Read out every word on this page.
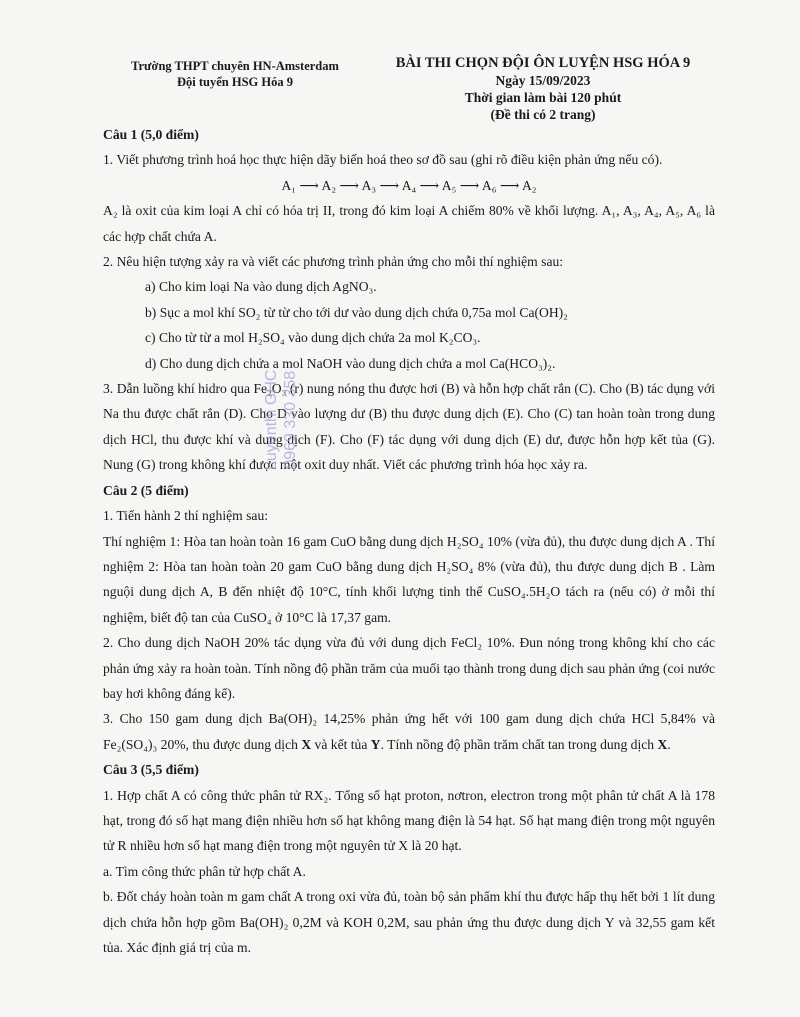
Trường THPT chuyên HN-Amsterdam
Đội tuyển HSG Hóa 9
BÀI THI CHỌN ĐỘI ÔN LUYỆN HSG HÓA 9
Ngày 15/09/2023
Thời gian làm bài 120 phút
(Đề thi có 2 trang)

Câu 1 (5,0 điểm)

1. Viết phương trình hoá học thực hiện dãy biến hoá theo sơ đồ sau (ghi rõ điều kiện phản ứng nếu có).

A₁ ⟶ A₂ ⟶ A₃ ⟶ A₄ ⟶ A₅ ⟶ A₆ ⟶ A₂

A₂ là oxit của kim loại A chỉ có hóa trị II, trong đó kim loại A chiếm 80% về khối lượng. A₁, A₃, A₄, A₅, A₆ là các hợp chất chứa A.

2. Nêu hiện tượng xảy ra và viết các phương trình phản ứng cho mỗi thí nghiệm sau:

a) Cho kim loại Na vào dung dịch AgNO₃.

b) Sục a mol khí SO₂ từ từ cho tới dư vào dung dịch chứa 0,75a mol Ca(OH)₂

c) Cho từ từ a mol H₂SO₄ vào dung dịch chứa 2a mol K₂CO₃.

d) Cho dung dịch chứa a mol NaOH vào dung dịch chứa a mol Ca(HCO₃)₂.

3. Dẫn luồng khí hidro qua Fe₂O₃ (r) nung nóng thu được hơi (B) và hỗn hợp chất rắn (C). Cho (B) tác dụng với Na thu được chất rắn (D). Cho D vào lượng dư (B) thu được dung dịch (E). Cho (C) tan hoàn toàn trong dung dịch HCl, thu được khí và dung dịch (F). Cho (F) tác dụng với dung dịch (E) dư, được hỗn hợp kết tủa (G). Nung (G) trong không khí được một oxit duy nhất. Viết các phương trình hóa học xảy ra.

Câu 2 (5 điểm)

1. Tiến hành 2 thí nghiệm sau:

Thí nghiệm 1: Hòa tan hoàn toàn 16 gam CuO bằng dung dịch H₂SO₄ 10% (vừa đủ), thu được dung dịch A . Thí nghiệm 2: Hòa tan hoàn toàn 20 gam CuO bằng dung dịch H₂SO₄ 8% (vừa đủ), thu được dung dịch B . Làm nguội dung dịch A, B đến nhiệt độ 10°C, tính khối lượng tinh thể CuSO₄.5H₂O tách ra (nếu có) ở mỗi thí nghiệm, biết độ tan của CuSO₄ ở 10°C là 17,37 gam.

2. Cho dung dịch NaOH 20% tác dụng vừa đủ với dung dịch FeCl₂ 10%. Đun nóng trong không khí cho các phản ứng xảy ra hoàn toàn. Tính nồng độ phần trăm của muối tạo thành trong dung dịch sau phản ứng (coi nước bay hơi không đáng kể).

3. Cho 150 gam dung dịch Ba(OH)₂ 14,25% phản ứng hết với 100 gam dung dịch chứa HCl 5,84% và Fe₂(SO₄)₃ 20%, thu được dung dịch X và kết tủa Y. Tính nồng độ phần trăm chất tan trong dung dịch X.

Câu 3 (5,5 điểm)

1. Hợp chất A có công thức phân tử RX₂. Tổng số hạt proton, nơtron, electron trong một phân tử chất A là 178 hạt, trong đó số hạt mang điện nhiều hơn số hạt không mang điện là 54 hạt. Số hạt mang điện trong một nguyên tử R nhiều hơn số hạt mang điện trong một nguyên tử X là 20 hạt.

a. Tìm công thức phân tử hợp chất A.

b. Đốt cháy hoàn toàn m gam chất A trong oxi vừa đủ, toàn bộ sản phẩm khí thu được hấp thụ hết bởi 1 lít dung dịch chứa hỗn hợp gồm Ba(OH)₂ 0,2M và KOH 0,2M, sau phản ứng thu được dung dịch Y và 32,55 gam kết tủa. Xác định giá trị của m.

Luyenthi GHC 0969 330 358
